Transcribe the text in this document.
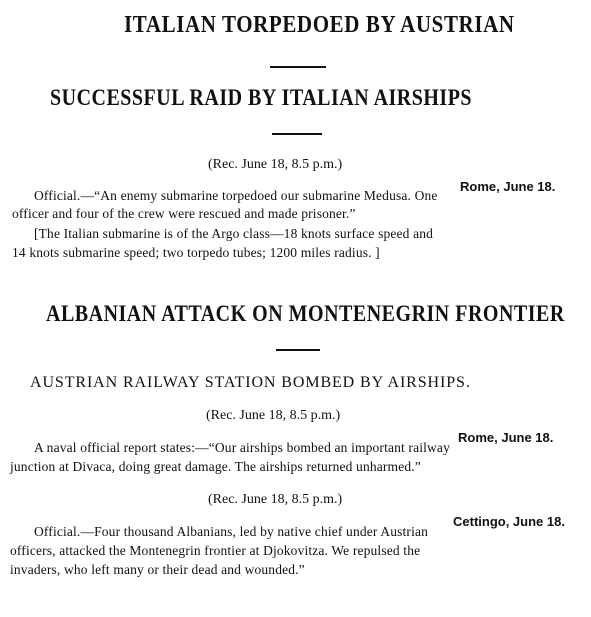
ITALIAN TORPEDOED BY AUSTRIAN
SUCCESSFUL RAID BY ITALIAN AIRSHIPS
(Rec. June 18, 8.5 p.m.)
Rome, June 18.
Official.—“An enemy submarine torpedoed our submarine Medusa. One
officer and four of the crew were rescued and made prisoner.”
[The Italian submarine is of the Argo class—18 knots surface speed and
14 knots submarine speed; two torpedo tubes; 1200 miles radius. ]
ALBANIAN ATTACK ON MONTENEGRIN FRONTIER
AUSTRIAN RAILWAY STATION BOMBED BY AIRSHIPS.
(Rec. June 18, 8.5 p.m.)
Rome, June 18.
A naval official report states:—“Our airships bombed an important railway
junction at Divaca, doing great damage. The airships returned unharmed.”
(Rec. June 18, 8.5 p.m.)
Cettingo, June 18.
Official.—Four thousand Albanians, led by native chief under Austrian
officers, attacked the Montenegrin frontier at Djokovitza. We repulsed the
invaders, who left many or their dead and wounded.”
